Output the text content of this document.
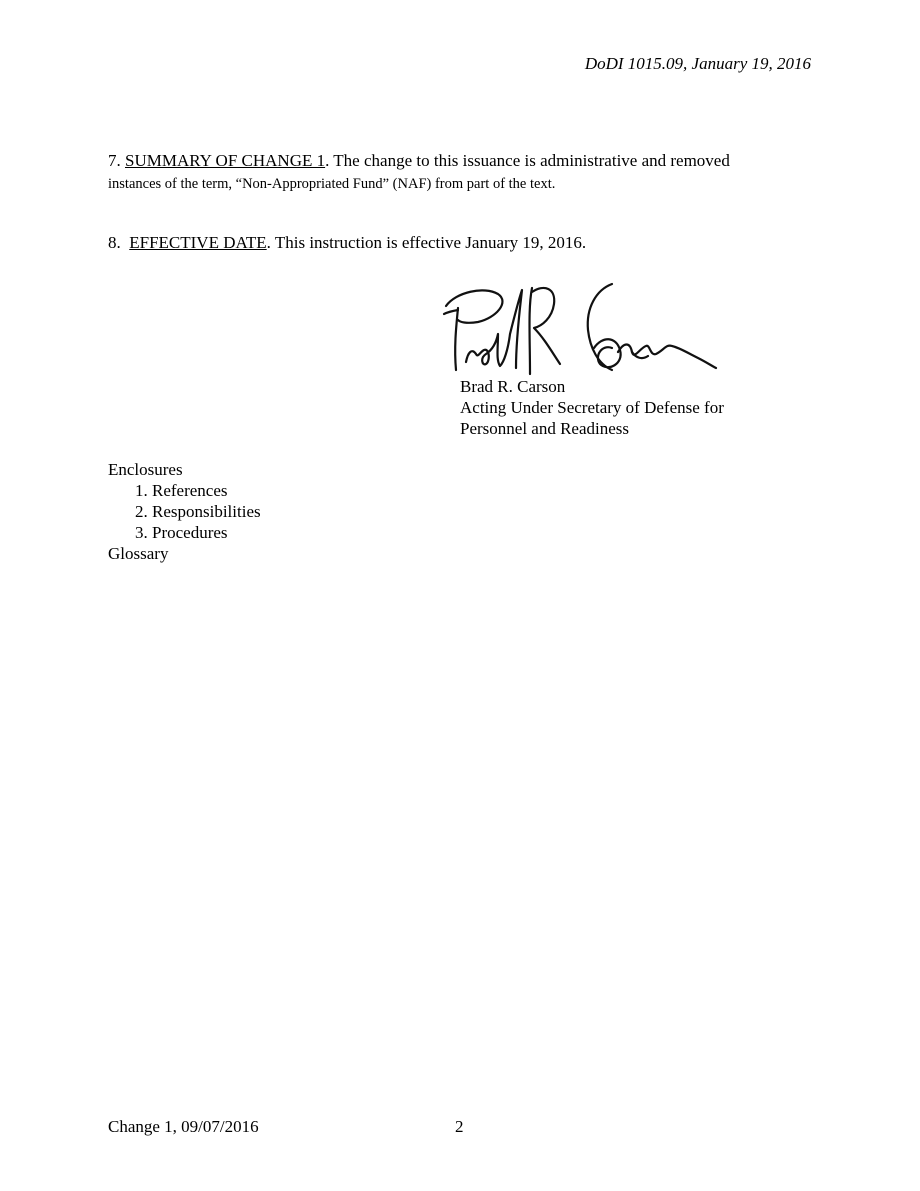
DoDI 1015.09, January 19, 2016
7. SUMMARY OF CHANGE 1. The change to this issuance is administrative and removed
instances of the term, “Non-Appropriated Fund” (NAF) from part of the text.
8. EFFECTIVE DATE. This instruction is effective January 19, 2016.
Brad R. Carson
Acting Under Secretary of Defense for
Personnel and Readiness
Enclosures
1. References
2. Responsibilities
3. Procedures
Glossary
Change 1, 09/07/2016	2
